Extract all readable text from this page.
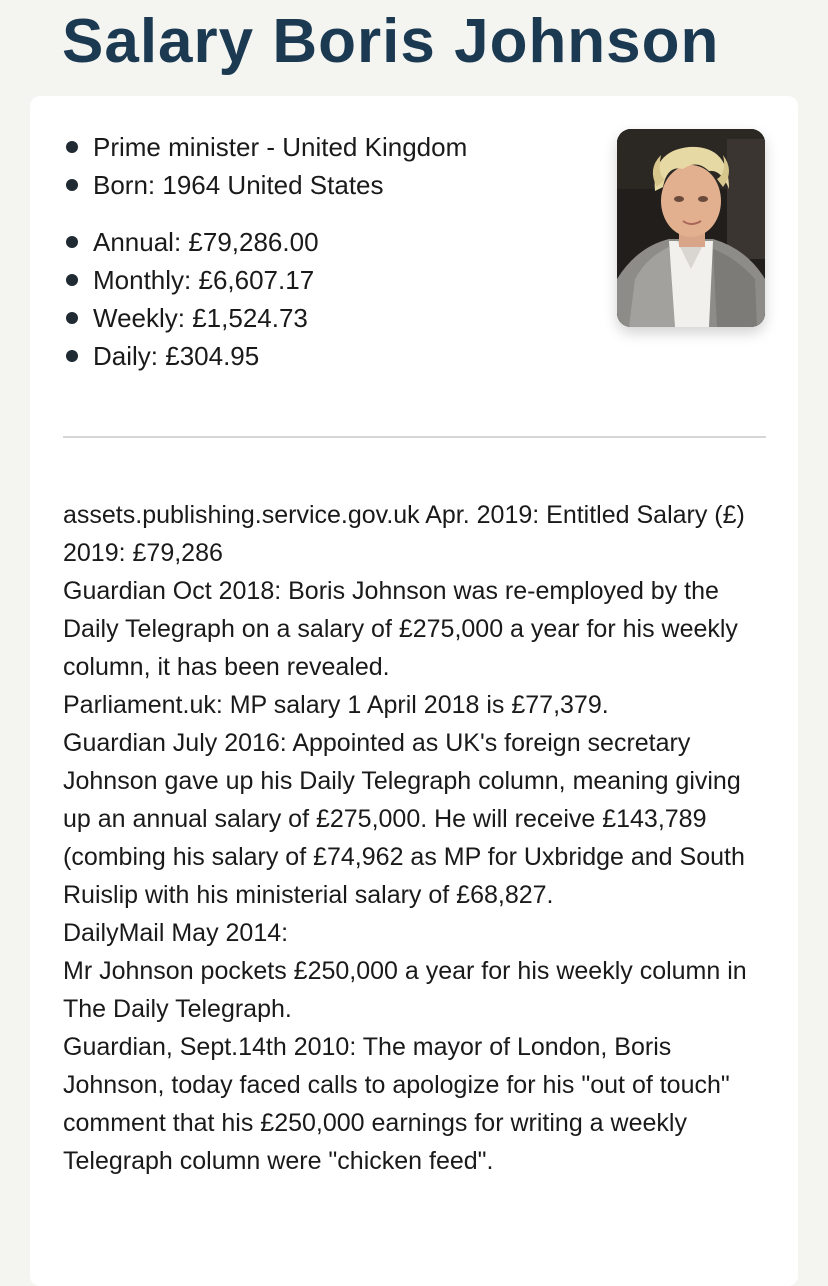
Salary Boris Johnson
Prime minister - United Kingdom
Born: 1964 United States
Annual: £79,286.00
Monthly: £6,607.17
Weekly: £1,524.73
Daily: £304.95

assets.publishing.service.gov.uk Apr. 2019: Entitled Salary (£) 2019: £79,286

Guardian Oct 2018: Boris Johnson was re-employed by the Daily Telegraph on a salary of £275,000 a year for his weekly column, it has been revealed.

Parliament.uk: MP salary 1 April 2018 is £77,379.

Guardian July 2016: Appointed as UK's foreign secretary Johnson gave up his Daily Telegraph column, meaning giving up an annual salary of £275,000. He will receive £143,789 (combing his salary of £74,962 as MP for Uxbridge and South Ruislip with his ministerial salary of £68,827.

DailyMail May 2014:

Mr Johnson pockets £250,000 a year for his weekly column in The Daily Telegraph.

Guardian, Sept.14th 2010: The mayor of London, Boris Johnson, today faced calls to apologize for his "out of touch" comment that his £250,000 earnings for writing a weekly Telegraph column were "chicken feed".
